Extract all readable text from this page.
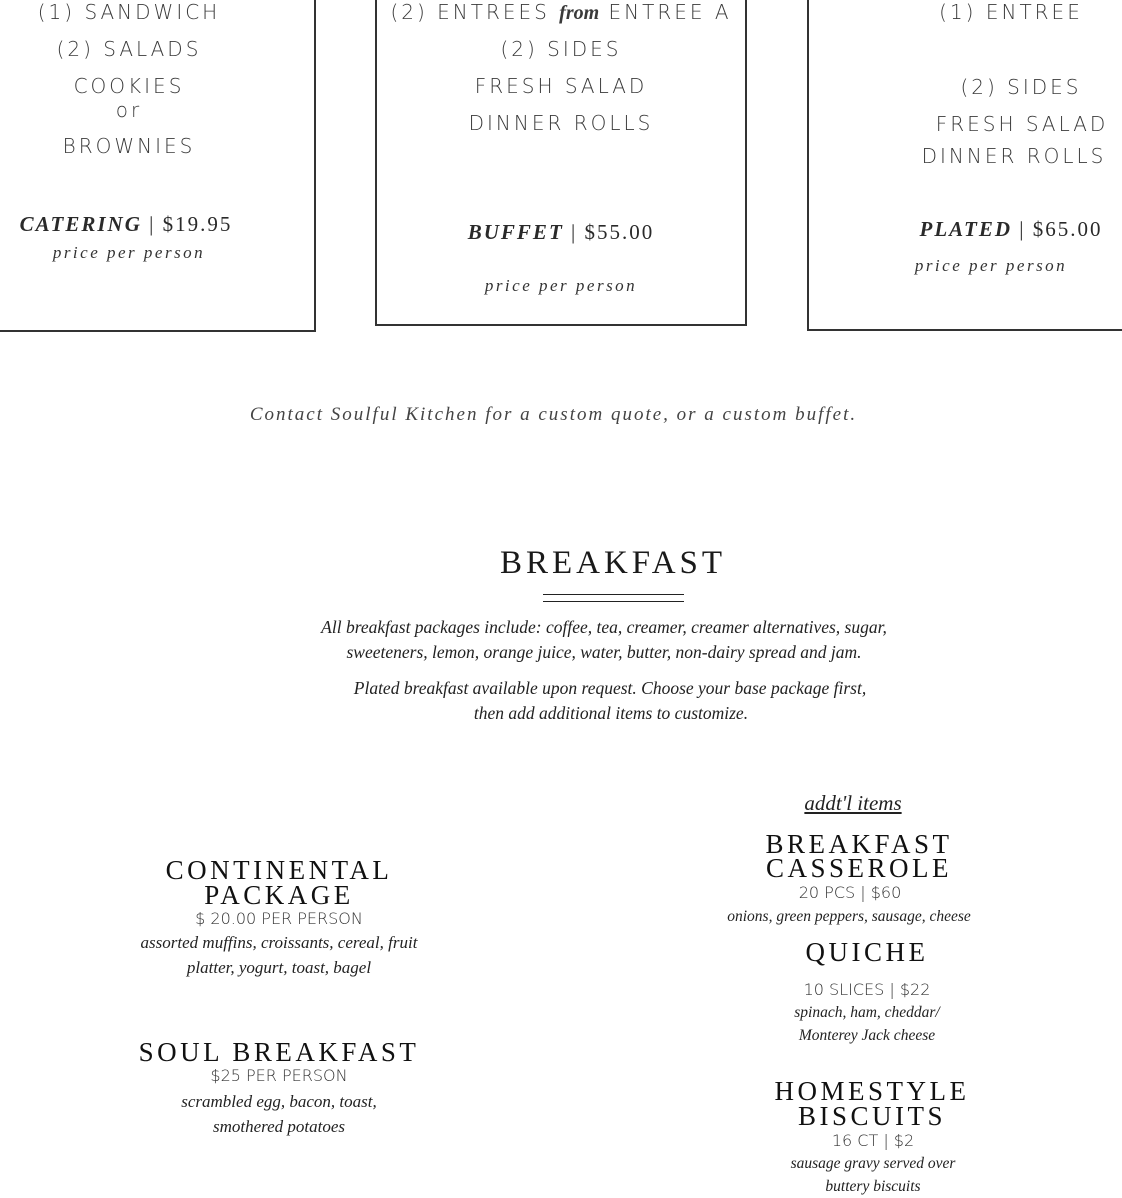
(1) SANDWICH
(2) SALADS
COOKIES
or
BROWNIES
CATERING | $19.95
price per person
(2) ENTREES from ENTREE A
(2) SIDES
FRESH SALAD
DINNER ROLLS
BUFFET | $55.00
price per person
(1) ENTREE
(2) SIDES
FRESH SALAD
DINNER ROLLS
PLATED | $65.00
price per person
Contact Soulful Kitchen for a custom quote, or a custom buffet.
BREAKFAST
All breakfast packages include: coffee, tea, creamer, creamer alternatives, sugar,
sweeteners, lemon, orange juice, water, butter, non-dairy spread and jam.
Plated breakfast available upon request. Choose your base package first,
then add additional items to customize.
CONTINENTAL
PACKAGE
$ 20.00 PER PERSON
assorted muffins, croissants, cereal, fruit
platter, yogurt, toast, bagel
SOUL BREAKFAST
$25 PER PERSON
scrambled egg, bacon, toast,
smothered potatoes
addt'l items
BREAKFAST
CASSEROLE
20 PCS | $60
onions, green peppers, sausage, cheese
QUICHE
10 SLICES | $22
spinach, ham, cheddar/
Monterey Jack cheese
HOMESTYLE
BISCUITS
16 CT | $2
sausage gravy served over
buttery biscuits
